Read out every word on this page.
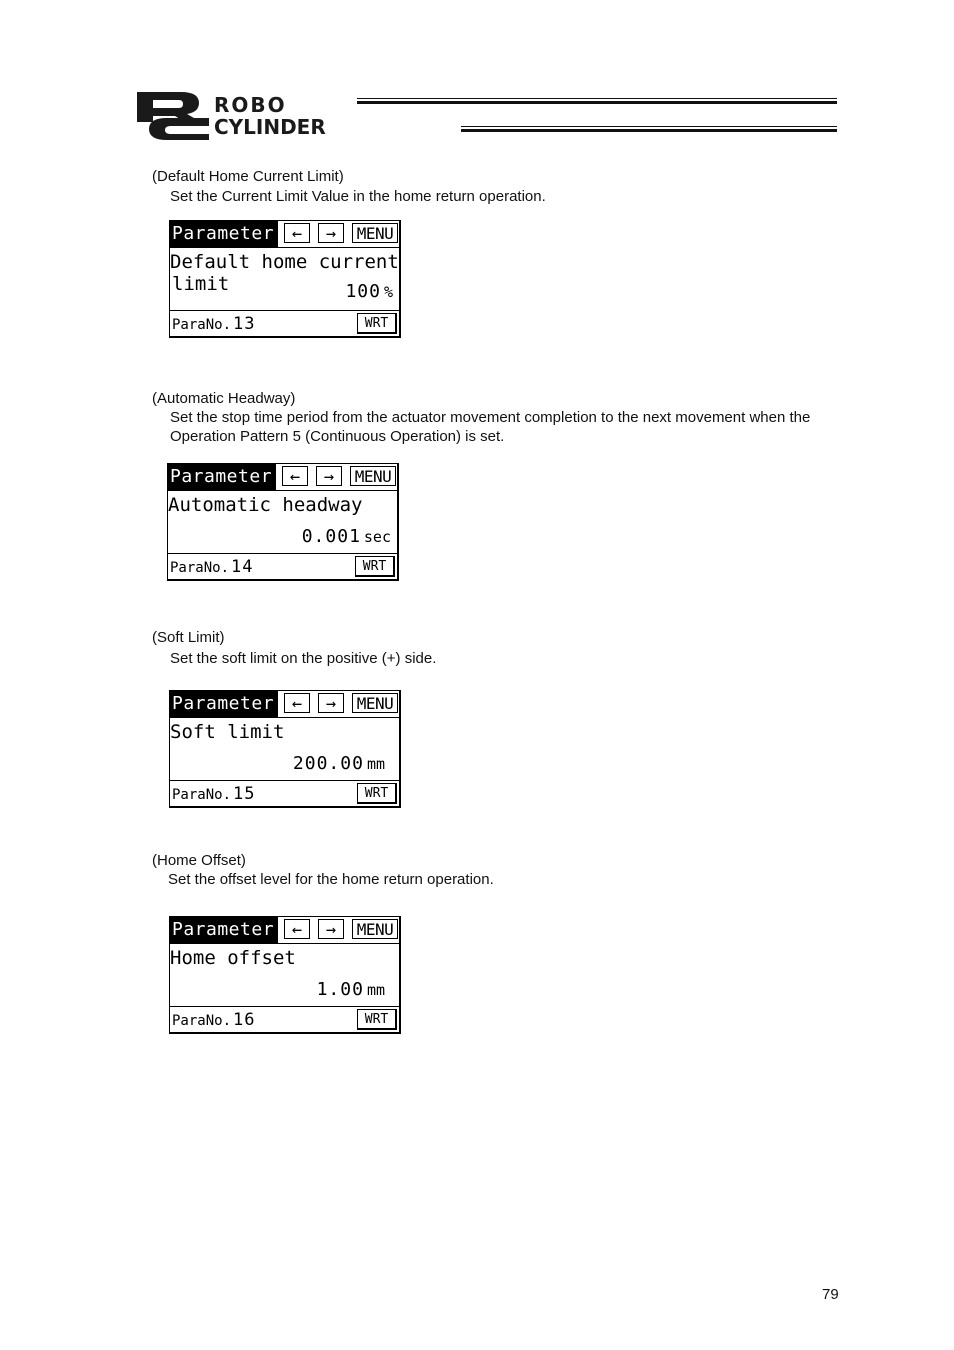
ROBO
CYLINDER
(Default Home Current Limit)
Set the Current Limit Value in the home return operation.
Parameter	←	→	MENU
Default home current
limit	100 %
ParaNo. 13	WRT
(Automatic Headway)
Set the stop time period from the actuator movement completion to the next movement when the Operation Pattern 5 (Continuous Operation) is set.
Parameter	←	→	MENU
Automatic headway
0.001 sec
ParaNo. 14	WRT
(Soft Limit)
Set the soft limit on the positive (+) side.
Parameter	←	→	MENU
Soft limit
200.00 mm
ParaNo. 15	WRT
(Home Offset)
Set the offset level for the home return operation.
Parameter	←	→	MENU
Home offset
1.00 mm
ParaNo. 16	WRT
79
